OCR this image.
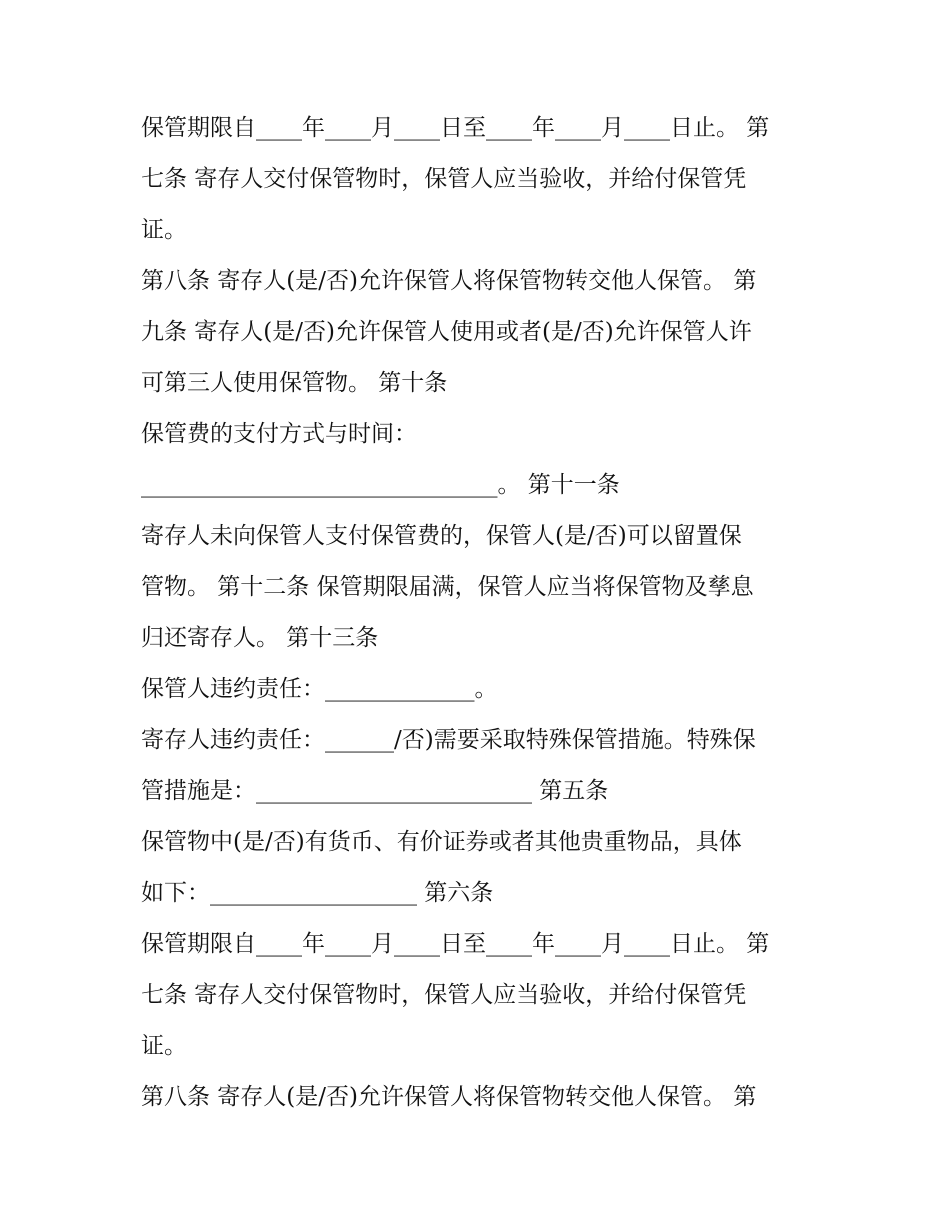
保管期限自____年____月____日至____年____月____日止。 第
七条 寄存人交付保管物时，保管人应当验收，并给付保管凭
证。
第八条 寄存人(是/否)允许保管人将保管物转交他人保管。 第
九条 寄存人(是/否)允许保管人使用或者(是/否)允许保管人许
可第三人使用保管物。 第十条
保管费的支付方式与时间：
_______________________________。 第十一条
寄存人未向保管人支付保管费的，保管人(是/否)可以留置保
管物。 第十二条 保管期限届满，保管人应当将保管物及孳息
归还寄存人。 第十三条
保管人违约责任：_____________。
寄存人违约责任：______/否)需要采取特殊保管措施。特殊保
管措施是：________________________ 第五条
保管物中(是/否)有货币、有价证券或者其他贵重物品，具体
如下：__________________ 第六条
保管期限自____年____月____日至____年____月____日止。 第
七条 寄存人交付保管物时，保管人应当验收，并给付保管凭
证。
第八条 寄存人(是/否)允许保管人将保管物转交他人保管。 第
